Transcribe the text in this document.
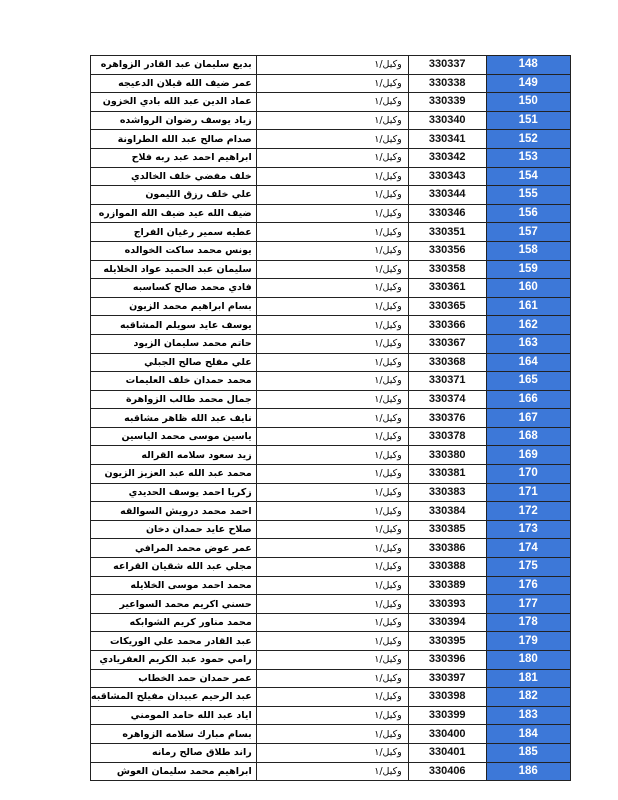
بديع سليمان عبد القادر الزواهره	وكيل/١	330337	148
عمر ضيف الله قيلان الدعيجه	وكيل/١	330338	149
عماد الدين عبد الله بادي الخزون	وكيل/١	330339	150
زياد يوسف رضوان الرواشده	وكيل/١	330340	151
صدام صالح عبد الله الطراونة	وكيل/١	330341	152
ابراهيم احمد عبد ربه فلاح	وكيل/١	330342	153
خلف مفضي خلف الخالدي	وكيل/١	330343	154
علي خلف رزق الليمون	وكيل/١	330344	155
ضيف الله عيد ضيف الله الموازره	وكيل/١	330346	156
عطيه سمير رغيان الفراج	وكيل/١	330351	157
يونس محمد ساكت الخوالده	وكيل/١	330356	158
سليمان عبد الحميد عواد الخلايله	وكيل/١	330358	159
فادي محمد صالح كساسبه	وكيل/١	330361	160
بسام ابراهيم محمد الزيون	وكيل/١	330365	161
يوسف عايد سويلم المشاقبه	وكيل/١	330366	162
حاتم محمد سليمان الزيود	وكيل/١	330367	163
علي مفلح صالح الجبلي	وكيل/١	330368	164
محمد حمدان خلف العليمات	وكيل/١	330371	165
جمال محمد طالب الزواهرة	وكيل/١	330374	166
نايف عبد الله ظاهر مشاقبه	وكيل/١	330376	167
ياسين موسى محمد الياسين	وكيل/١	330378	168
زيد سعود سلامه القراله	وكيل/١	330380	169
محمد عبد الله عبد العزيز الزيون	وكيل/١	330381	170
زكريا احمد يوسف الحديدي	وكيل/١	330383	171
احمد محمد درويش السوالقه	وكيل/١	330384	172
صلاح عايد حمدان دخان	وكيل/١	330385	173
عمر عوض محمد المرافي	وكيل/١	330386	174
مجلي عبد الله شقيان القراعه	وكيل/١	330388	175
محمد احمد موسى الخلايله	وكيل/١	330389	176
حسني اكريم محمد السواعير	وكيل/١	330393	177
محمد مناور كريم الشوابكه	وكيل/١	330394	178
عبد القادر محمد علي الوريكات	وكيل/١	330395	179
رامي حمود عبد الكريم العفريادي	وكيل/١	330396	180
عمر حمدان حمد الخطاب	وكيل/١	330397	181
عبد الرحيم عبيدان مفيلح المشاقبه	وكيل/١	330398	182
اياد عبد الله حامد المومني	وكيل/١	330399	183
بسام مبارك سلامه الزواهره	وكيل/١	330400	184
راند طلاق صالح رمانه	وكيل/١	330401	185
ابراهيم محمد سليمان العوش	وكيل/١	330406	186
